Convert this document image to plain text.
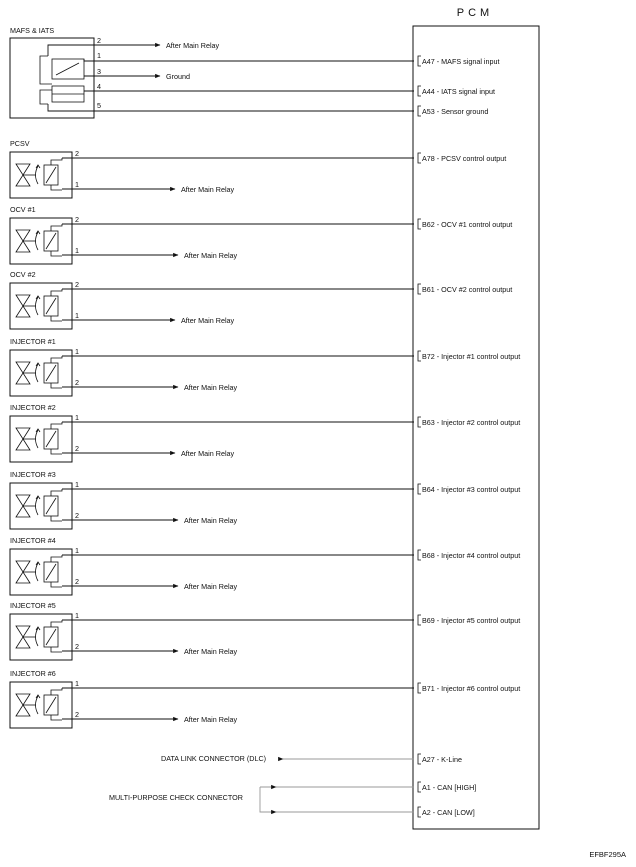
PCM
MAFS & IATS
2
1
3
4
5
After Main Relay
Ground
A47 - MAFS signal input
A44 - IATS signal input
A53 - Sensor ground
PCSV
2
1
After Main Relay
A78 - PCSV control output
OCV #1
2
1
After Main Relay
B62 - OCV #1 control output
OCV #2
2
1
After Main Relay
B61 - OCV #2 control output
INJECTOR #1
1
2
After Main Relay
B72 - Injector #1 control output
INJECTOR #2
1
2
After Main Relay
B63 - Injector #2 control output
INJECTOR #3
1
2
After Main Relay
B64 - Injector #3 control output
INJECTOR #4
1
2
After Main Relay
B68 - Injector #4 control output
INJECTOR #5
1
2
After Main Relay
B69 - Injector #5 control output
INJECTOR #6
1
2
After Main Relay
B71 - Injector #6 control output
DATA LINK CONNECTOR (DLC)	A27 - K-Line
MULTI-PURPOSE CHECK CONNECTOR
A1 - CAN [HIGH]
A2 - CAN [LOW]
EFBF295A
